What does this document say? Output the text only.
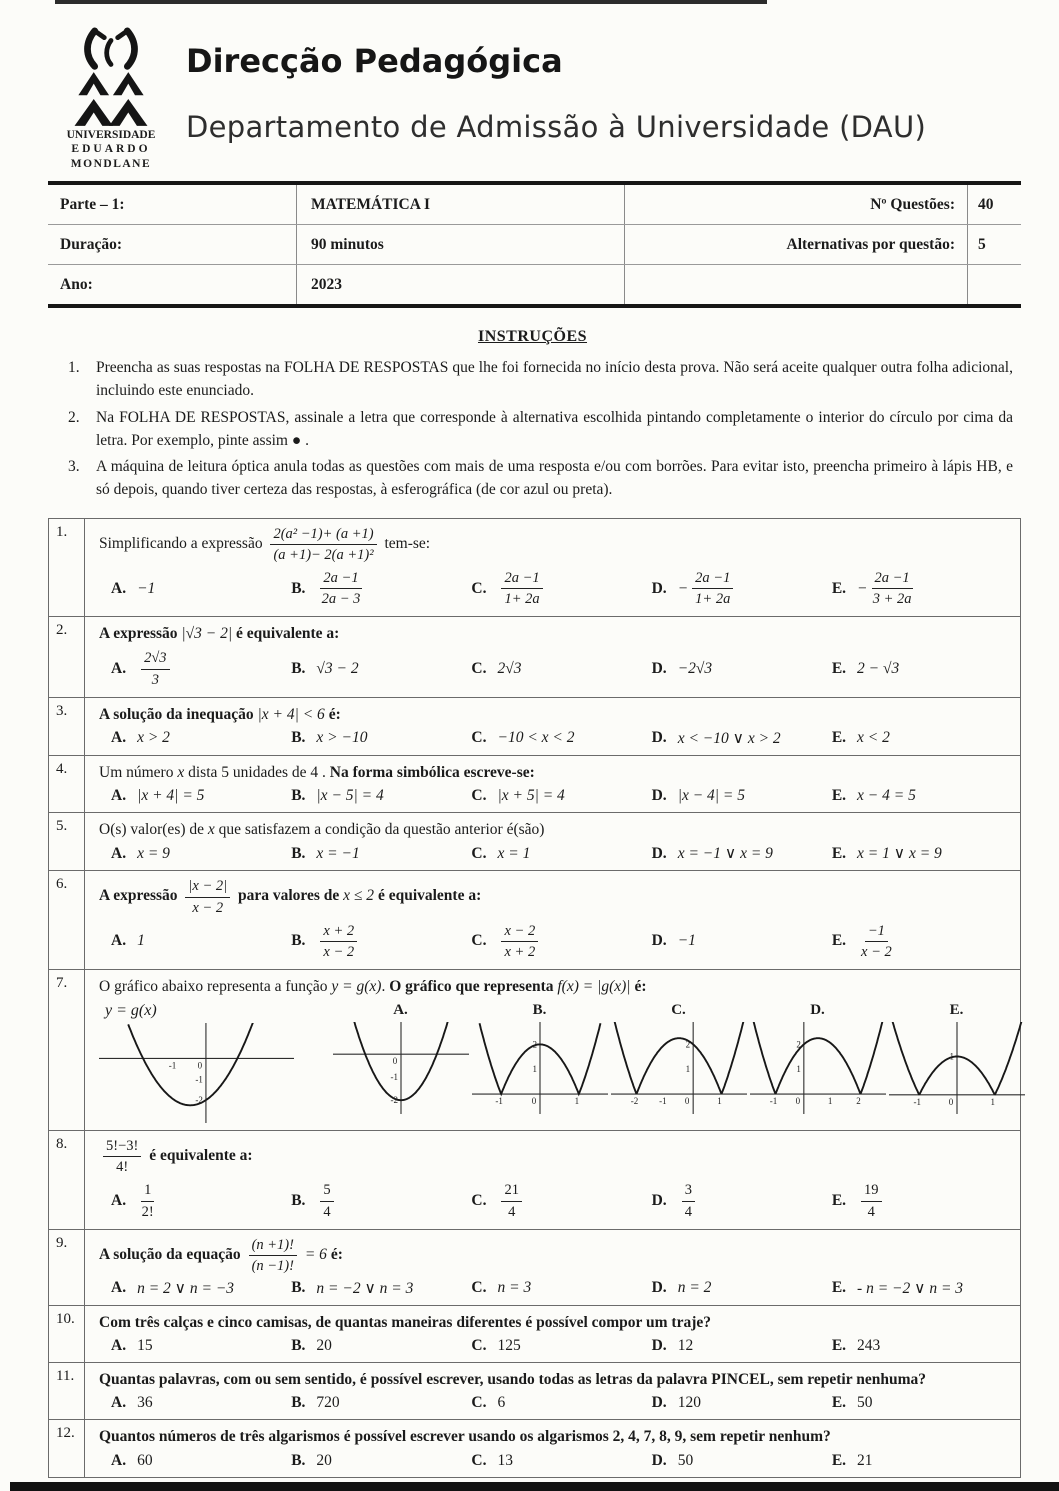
UNIVERSIDADE
EDUARDO
MONDLANE
Direcção Pedagógica
Departamento de Admissão à Universidade (DAU)
Parte – 1:	MATEMÁTICA I	Nº Questões:	40
Duração:	90 minutos	Alternativas por questão:	5
Ano:	2023
INSTRUÇÕES
Preencha as suas respostas na FOLHA DE RESPOSTAS que lhe foi fornecida no início desta prova. Não será aceite qualquer outra folha adicional, incluindo este enunciado.
Na FOLHA DE RESPOSTAS, assinale a letra que corresponde à alternativa escolhida pintando completamente o interior do círculo por cima da letra. Por exemplo, pinte assim ● .
A máquina de leitura óptica anula todas as questões com mais de uma resposta e/ou com borrões. Para evitar isto, preencha primeiro à lápis HB, e só depois, quando tiver certeza das respostas, à esferográfica (de cor azul ou preta).
1.
Simplificando a expressão $\frac{\text{2(a² −1)+ (a +1)}}{\text{(a +1)− 2(a +1)²}} tem-se$:
A. −1	B. $\frac{2a -1}{2a - 3}$	C. $\frac{2a -1}{1+ 2a}$	D. − $\frac{2a -1}{1+ 2a}$	E. − $\frac{2a -1}{3 + 2a}$
2.	A expressão |√3 − 2| é equivalente a:
A. $\frac{2√3}{3}$	B. √3 − 2	C. 2√3	D. −2√3	E. 2 − √3
3.	A solução da inequação |x + 4| < 6 é:
A. x > 2	B. x > −10	C. −10 < x < 2	D. x < −10 ∨ x > 2	E. x < 2
4.	Um número x dista 5 unidades de 4 . Na forma simbólica escreve-se:
A. |x + 4| = 5	B. |x − 5| = 4	C. |x + 5| = 4	D. |x − 4| = 5	E. x − 4 = 5
5.	O(s) valor(es) de x que satisfazem a condição da questão anterior é(são)
A. x = 9	B. x = −1	C. x = 1	D. x = −1 ∨ x = 9	E. x = 1 ∨ x = 9
6.
A expressão $\frac{|x - 2|}{x - 2}$ para valores de x ≤ 2 é equivalente a:
A. 1	B. $\frac{x + 2}{x - 2}$	C. $\frac{x - 2}{x + 2}$	D. −1	E. $\frac{-1}{x - 2}$
7.	O gráfico abaixo representa a função y = g(x). O gráfico que representa f(x) = |g(x)| é:
y = g(x)
-1 0
-1
-2
A.
0
-1
-2
B.
-1	0	1
1
2
C.
-2 -1 0	1
1
2
D.
-1 0	1	2
1
2
E.
-1	0	1
1
8.	$\frac{5!-3!}{4!}$ é equivalente a:
A. $\frac{1}{2!}$	B. $\frac{5}{4}$	C. $\frac{21}{4}$	D. $\frac{3}{4}$	E. $\frac{19}{4}$
9.
A solução da equação $\frac{(n +1)!}{(n -1)!} = 6$ é:
A. n = 2 ∨ n = −3	B. n = −2 ∨ n = 3	C. n = 3	D. n = 2	E. - n = −2 ∨ n = 3
10.	Com três calças e cinco camisas, de quantas maneiras diferentes é possível compor um traje?
A. 15	B. 20	C. 125	D. 12	E. 243
11.	Quantas palavras, com ou sem sentido, é possível escrever, usando todas as letras da palavra PINCEL, sem repetir nenhuma?
A. 36	B. 720	C. 6	D. 120	E. 50
12.	Quantos números de três algarismos é possível escrever usando os algarismos 2, 4, 7, 8, 9, sem repetir nenhum?
A. 60	B. 20	C. 13	D. 50	E. 21
